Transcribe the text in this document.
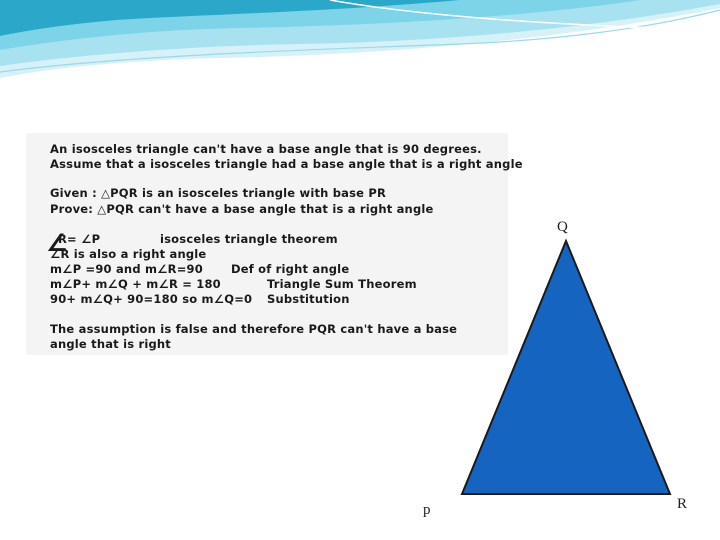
An isosceles triangle can't have a base angle that is 90 degrees.

Assume that a isosceles triangle had a base angle that is a right angle

Given : △PQR is an isosceles triangle with base PR

Prove: △PQR can't have a base angle that is a right angle

∠

R= ∠P	isosceles triangle theorem

∠R is also a right angle

m∠P =90 and m∠R=90 Def of right angle

m∠P+ m∠Q + m∠R = 180	Triangle Sum Theorem

90+ m∠Q+ 90=180 so m∠Q=0 Substitution

The assumption is false and therefore PQR can't have a base

angle that is right

Q
p	R
